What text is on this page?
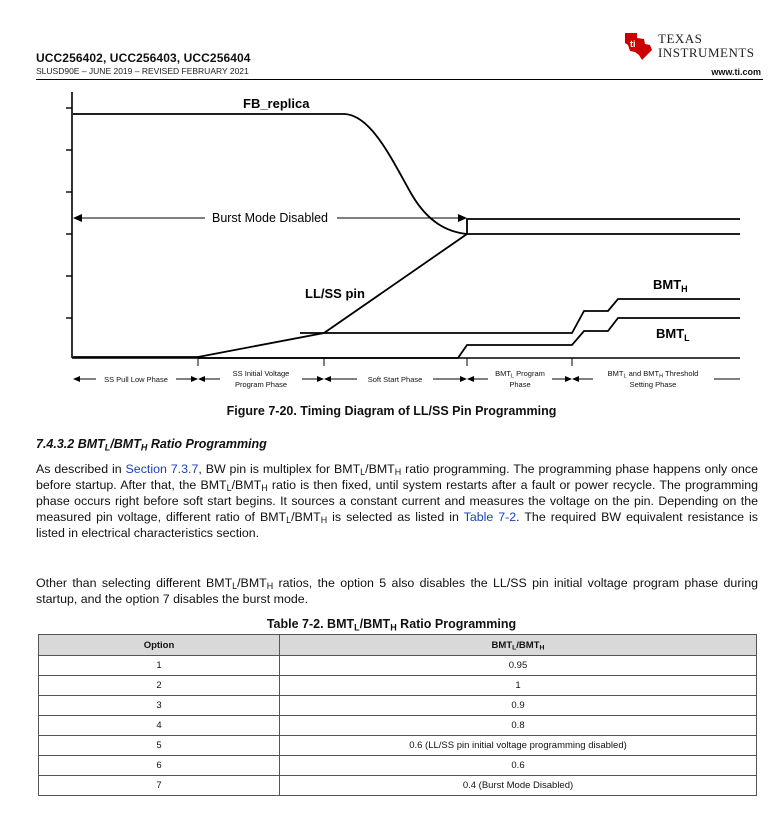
UCC256402, UCC256403, UCC256404
SLUSD90E – JUNE 2019 – REVISED FEBRUARY 2021	www.ti.com
ti TEXAS
INSTRUMENTS
FB_replica
Burst Mode Disabled
LL/SS pin
$BMT_H$
$BMT_L$
SS Pull Low Phase
SS Initial Voltage
Program Phase
Soft Start Phase
$BMT_L$ Program
Phase
$BMT_L$ and $BMT_H$ Threshold
Setting Phase
Figure 7-20. Timing Diagram of LL/SS Pin Programming
7.4.3.2 $BMT_L/BMT_H$ Ratio Programming
As described in Section 7.3.7, BW pin is multiplex for $BMT_L/BMT_H$ ratio programming. The programming phase happens only once before startup. After that, the $BMT_L/BMT_H$ ratio is then fixed, until system restarts after a fault or power recycle. The programming phase occurs right before soft start begins. It sources a constant current and measures the voltage on the pin. Depending on the measured pin voltage, different ratio of $BMT_L/BMT_H$ is selected as listed in Table 7-2. The required BW equivalent resistance is listed in electrical characteristics section.
Other than selecting different $BMT_L/BMT_H$ ratios, the option 5 also disables the LL/SS pin initial voltage program phase during startup, and the option 7 disables the burst mode.
Table 7-2. $BMT_L/BMT_H$ Ratio Programming
Option	$BMT_L/BMT_H$
1	0.95
2	1
3	0.9
4	0.8
5	0.6 (LL/SS pin initial voltage programming disabled)
6	0.6
7	0.4 (Burst Mode Disabled)
